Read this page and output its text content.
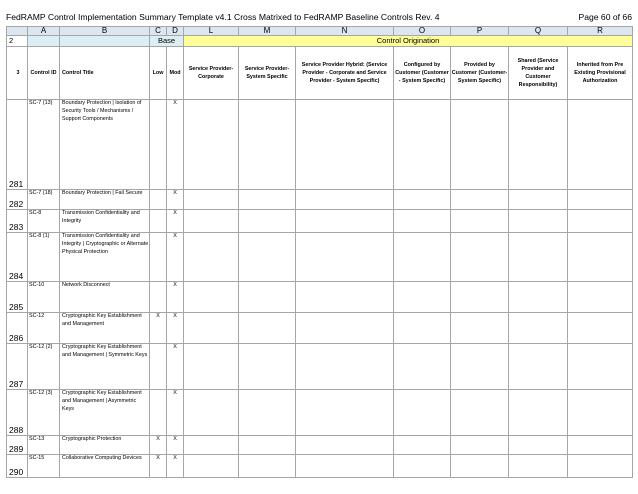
FedRAMP Control Implementation Summary Template v4.1 Cross Matrixed to FedRAMP Baseline Controls Rev. 4	Page 60 of 66
	A	B	C	D	L	M	N	O	P	Q	R
2			Base		Control Origination						
3	Control ID	Control Title	Low	Mod	Service Provider-Corporate	Service Provider-System Specific	Service Provider Hybrid: (Service Provider - Corporate and Service Provider - System Specific)	Configured by Customer (Customer - System Specific)	Provided by Customer (Customer- System Specific)	Shared (Service Provider and Customer Responsibility)	Inherited from Pre Existing Provisional Authorization
281	SC-7 (13)	Boundary Protection | Isolation of Security Tools / Mechanisms / Support Components		X							
282	SC-7 (18)	Boundary Protection | Fail Secure		X							
283	SC-8	Transmission Confidentiality and Integrity		X							
284	SC-8 (1)	Transmission Confidentiality and Integrity | Cryptographic or Alternate Physical Protection		X							
285	SC-10	Network Disconnect		X							
286	SC-12	Cryptographic Key Establishment and Management	X	X							
287	SC-12 (2)	Cryptographic Key Establishment and Management | Symmetric Keys		X							
288	SC-12 (3)	Cryptographic Key Establishment and Management | Asymmetric Keys		X							
289	SC-13	Cryptographic Protection	X	X							
290	SC-15	Collaborative Computing Devices	X	X							
